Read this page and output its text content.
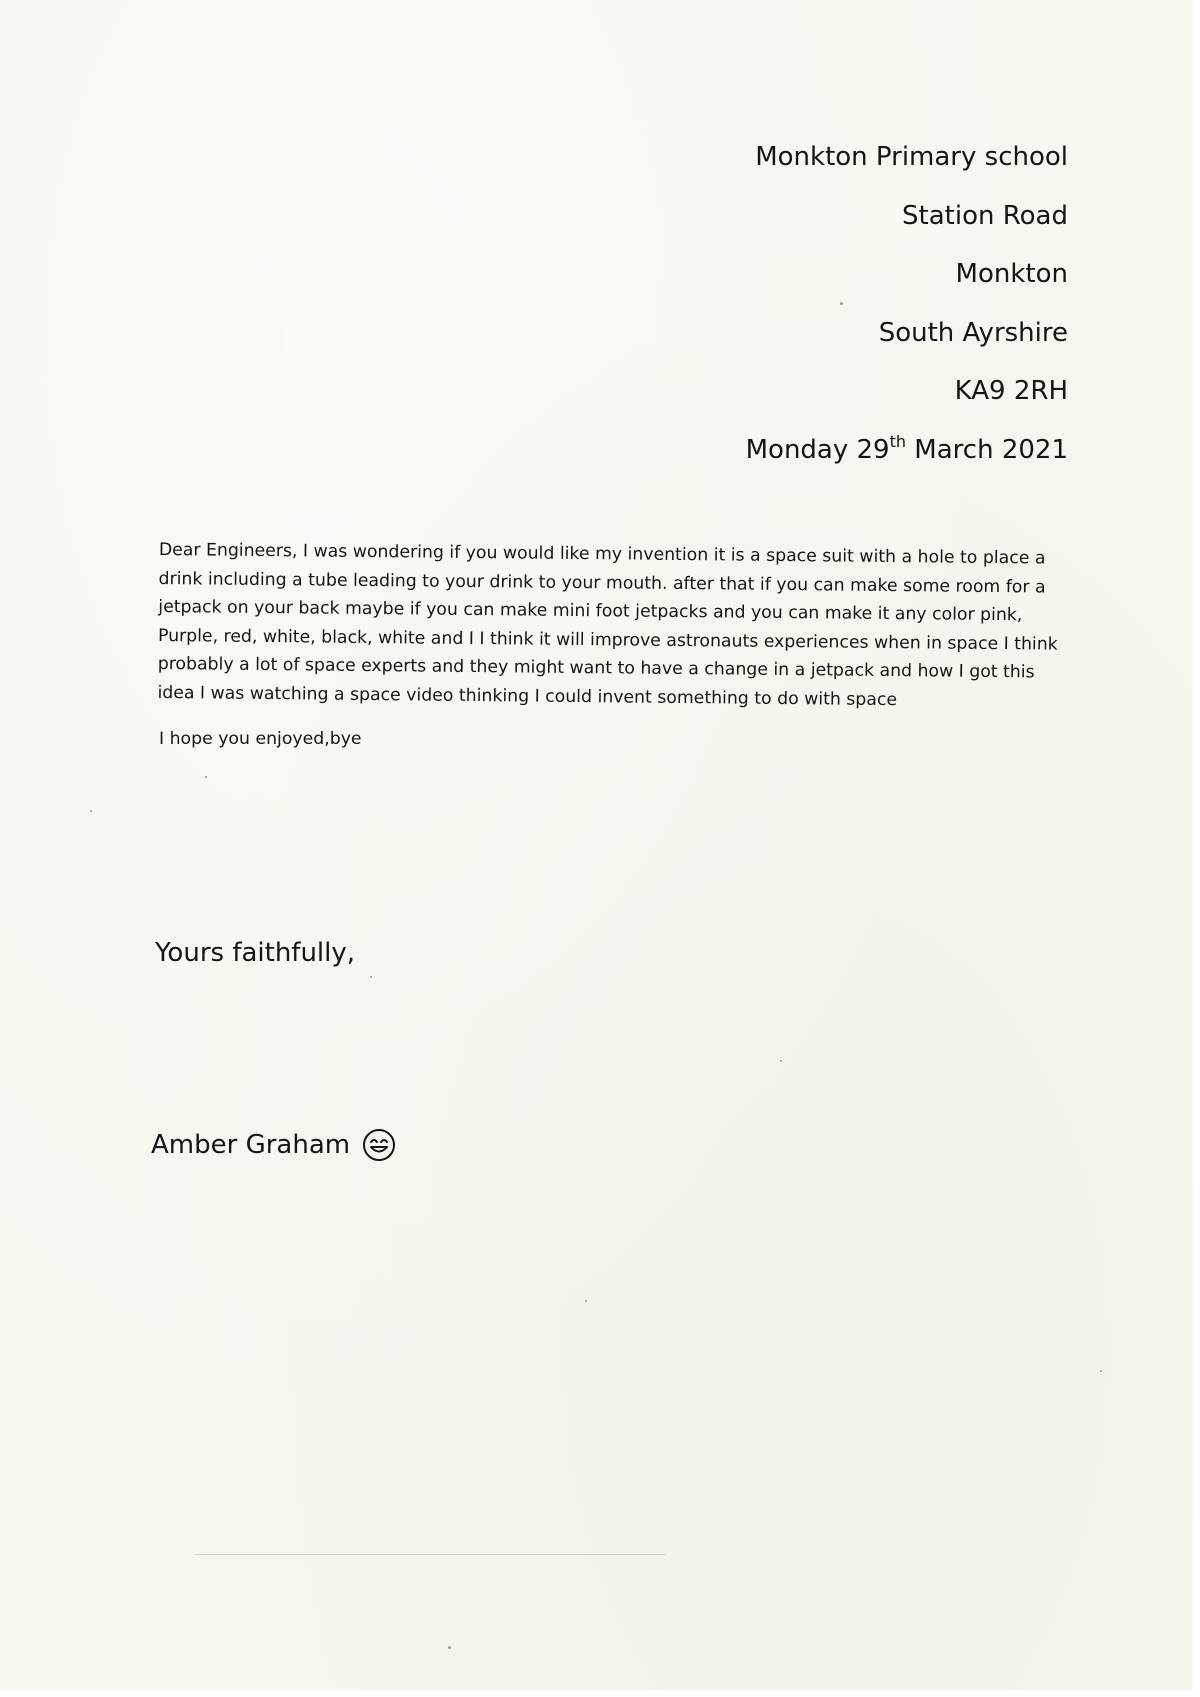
Monkton Primary school
Station Road
Monkton
South Ayrshire
KA9 2RH
Monday 29th March 2021
Dear Engineers, I was wondering if you would like my invention it is a space suit with a hole to place a drink including a tube leading to your drink to your mouth. after that if you can make some room for a jetpack on your back maybe if you can make mini foot jetpacks and you can make it any color pink, Purple, red, white, black, white and I I think it will improve astronauts experiences when in space I think probably a lot of space experts and they might want to have a change in a jetpack and how I got this idea I was watching a space video thinking I could invent something to do with space
I hope you enjoyed,bye
Yours faithfully,
Amber Graham
